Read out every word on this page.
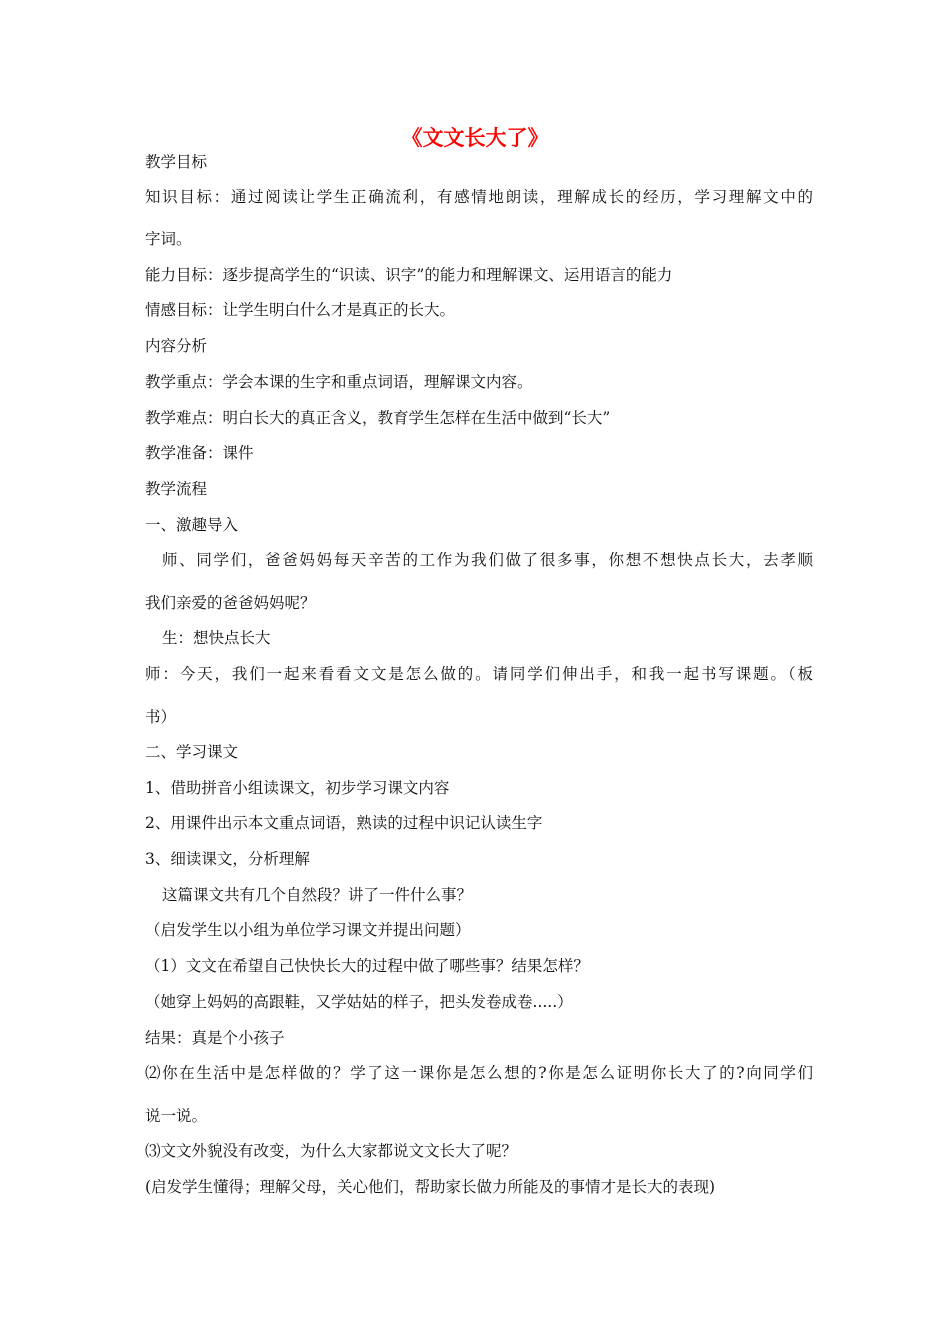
《文文长大了》
教学目标
知识目标：通过阅读让学生正确流利，有感情地朗读，理解成长的经历，学习理解文中的
字词。
能力目标：逐步提高学生的“识读、识字”的能力和理解课文、运用语言的能力
情感目标：让学生明白什么才是真正的长大。
内容分析
教学重点：学会本课的生字和重点词语，理解课文内容。
教学难点：明白长大的真正含义，教育学生怎样在生活中做到“长大”
教学准备：课件
教学流程
一、激趣导入
师、同学们，爸爸妈妈每天辛苦的工作为我们做了很多事，你想不想快点长大，去孝顺
我们亲爱的爸爸妈妈呢？
生：想快点长大
师：今天，我们一起来看看文文是怎么做的。请同学们伸出手，和我一起书写课题。（板
书）
二、学习课文
1、借助拼音小组读课文，初步学习课文内容
2、用课件出示本文重点词语，熟读的过程中识记认读生字
3、细读课文，分析理解
这篇课文共有几个自然段？讲了一件什么事？
（启发学生以小组为单位学习课文并提出问题）
（1）文文在希望自己快快长大的过程中做了哪些事？结果怎样？
（她穿上妈妈的高跟鞋，又学姑姑的样子，把头发卷成卷.....）
结果：真是个小孩子
⑵你在生活中是怎样做的？学了这一课你是怎么想的?你是怎么证明你长大了的?向同学们
说一说。
⑶文文外貌没有改变，为什么大家都说文文长大了呢？
(启发学生懂得；理解父母，关心他们，帮助家长做力所能及的事情才是长大的表现)
